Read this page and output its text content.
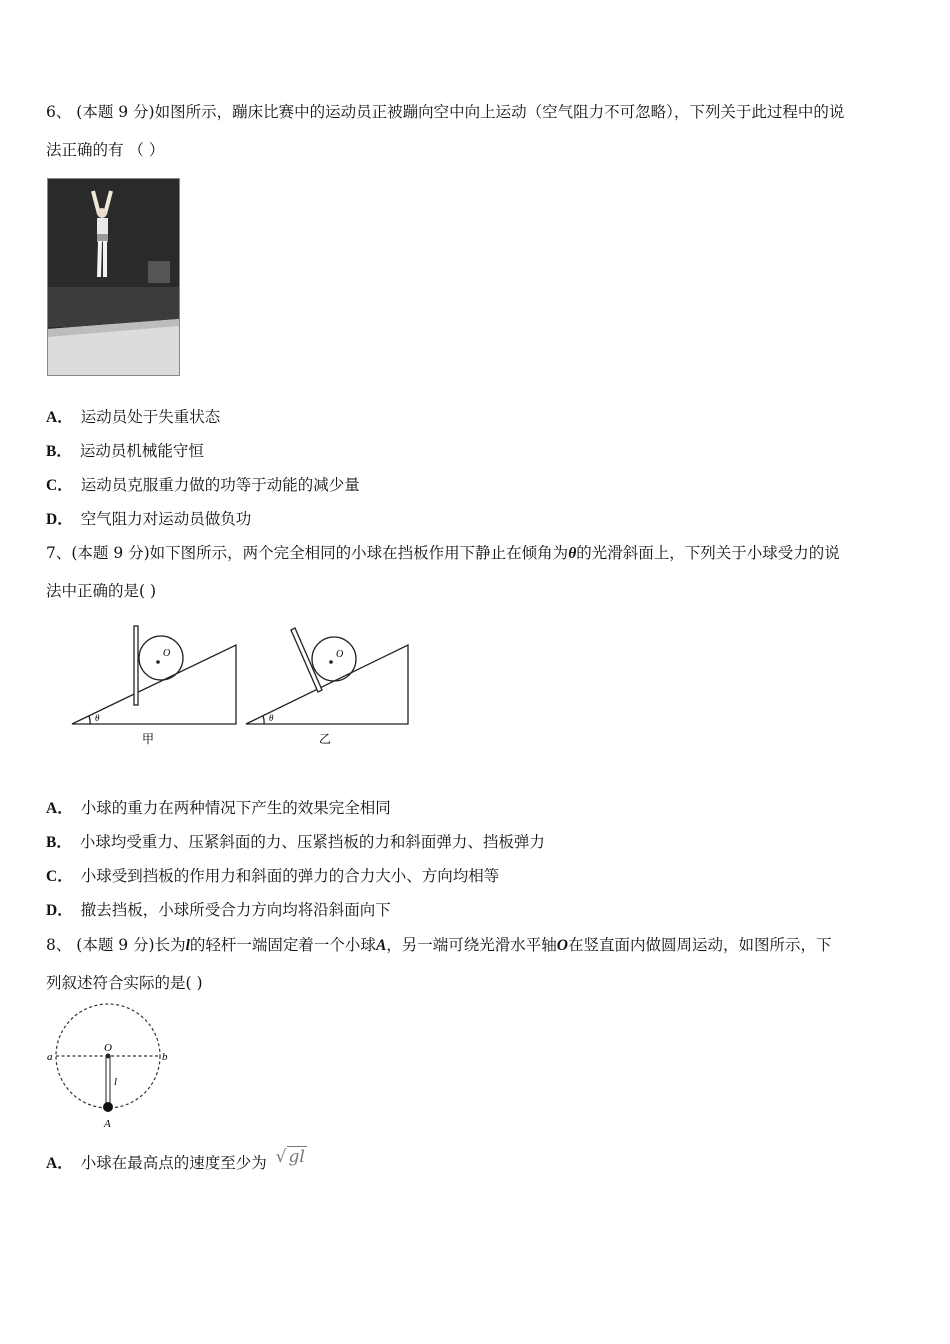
6、 (本题 9 分)如图所示，蹦床比赛中的运动员正被蹦向空中向上运动（空气阻力不可忽略），下列关于此过程中的说
法正确的有 （ ）
A． 运动员处于失重状态
B． 运动员机械能守恒
C． 运动员克服重力做的功等于动能的减少量
D． 空气阻力对运动员做负功
7、(本题 9 分)如下图所示，两个完全相同的小球在挡板作用下静止在倾角为θ的光滑斜面上，下列关于小球受力的说
法中正确的是( )
O	O
θ	θ
甲	乙
A． 小球的重力在两种情况下产生的效果完全相同
B． 小球均受重力、压紧斜面的力、压紧挡板的力和斜面弹力、挡板弹力
C． 小球受到挡板的作用力和斜面的弹力的合力大小、方向均相等
D． 撤去挡板，小球所受合力方向均将沿斜面向下
8、 (本题 9 分)长为l的轻杆一端固定着一个小球A，另一端可绕光滑水平轴O在竖直面内做圆周运动，如图所示，下
列叙述符合实际的是( )
a	b
O
l
A
A． 小球在最高点的速度至少为 √ gl
